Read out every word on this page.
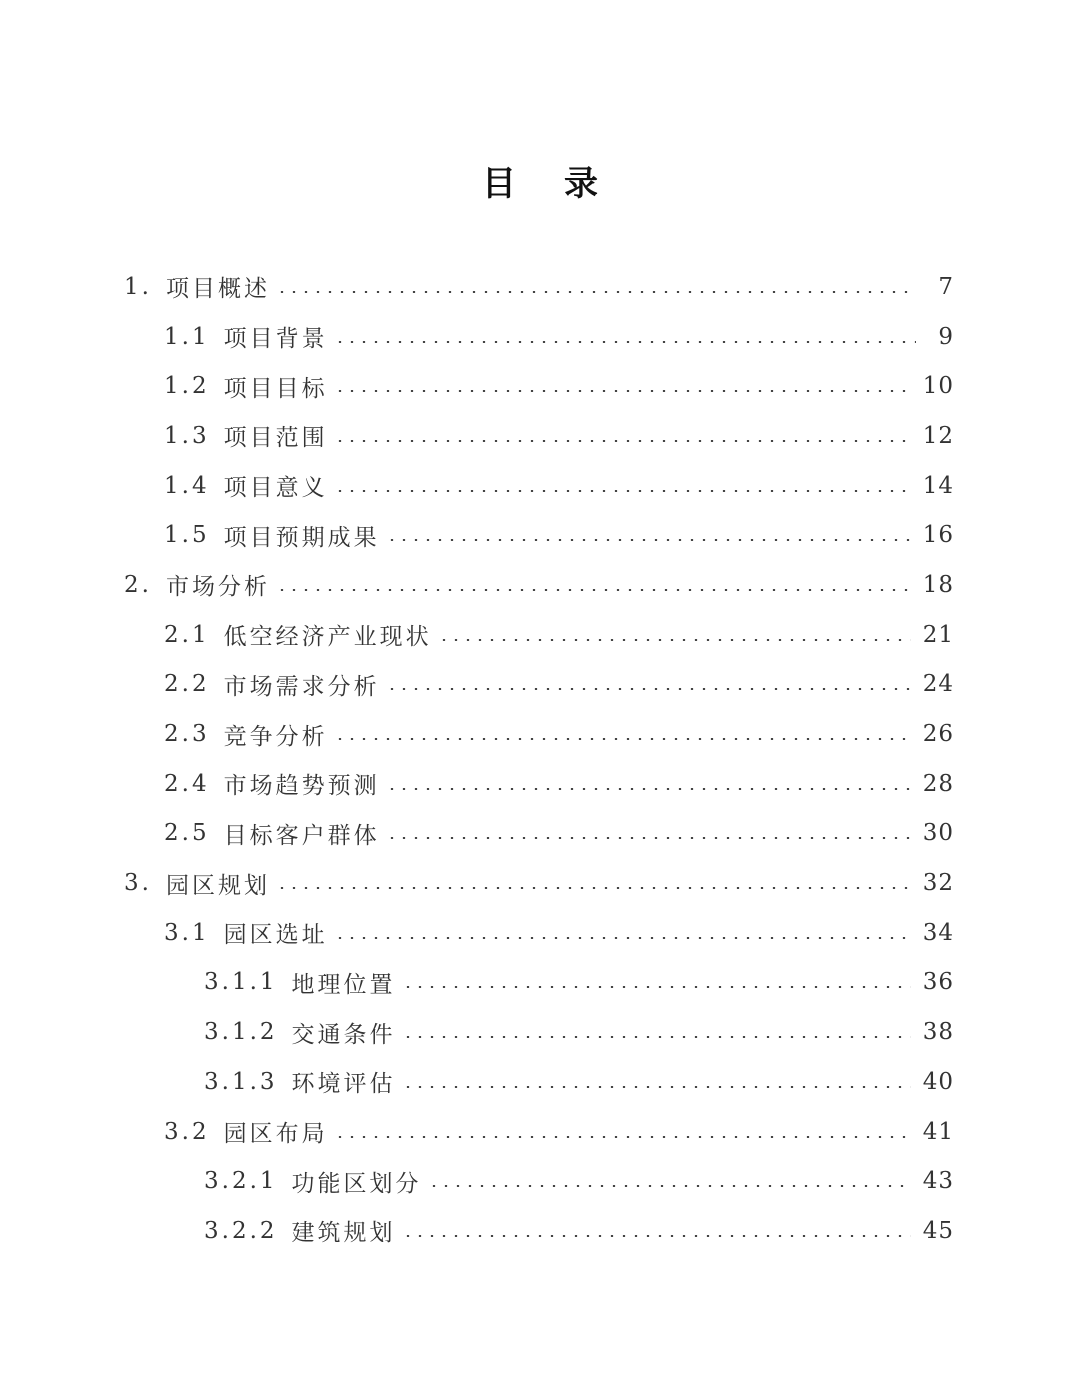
目 录
1. 项目概述	7
1.1 项目背景	9
1.2 项目目标	10
1.3 项目范围	12
1.4 项目意义	14
1.5 项目预期成果	16
2. 市场分析	18
2.1 低空经济产业现状	21
2.2 市场需求分析	24
2.3 竞争分析	26
2.4 市场趋势预测	28
2.5 目标客户群体	30
3. 园区规划	32
3.1 园区选址	34
3.1.1 地理位置	36
3.1.2 交通条件	38
3.1.3 环境评估	40
3.2 园区布局	41
3.2.1 功能区划分	43
3.2.2 建筑规划	45
